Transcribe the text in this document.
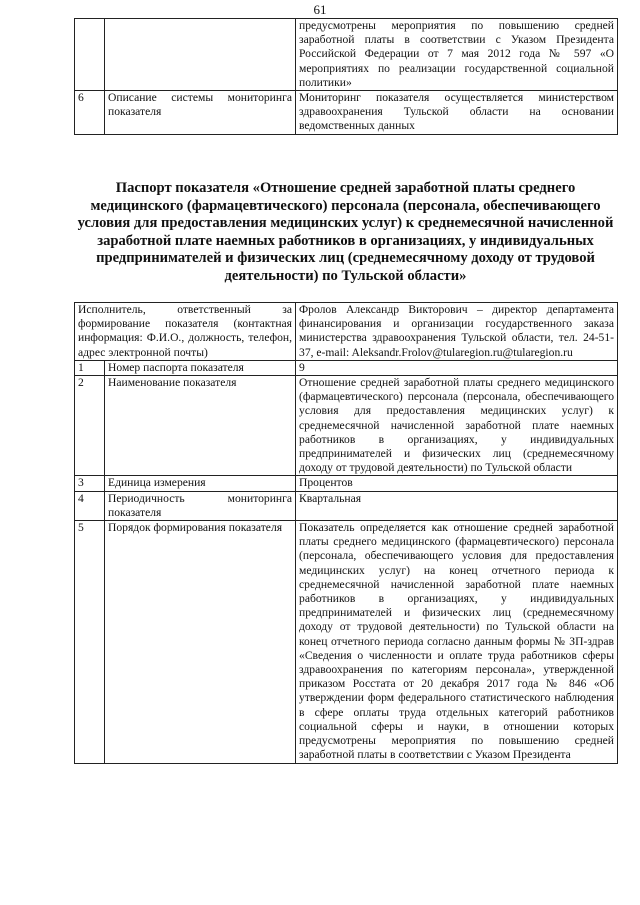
61
		предусмотрены мероприятия по повышению средней заработной платы в соответствии с Указом Президента Российской Федерации от 7 мая 2012 года № 597 «О мероприятиях по реализации государственной социальной политики»
6	Описание системы мониторинга показателя	Мониторинг показателя осуществляется министерством здравоохранения Тульской области на основании ведомственных данных
Паспорт показателя «Отношение средней заработной платы среднего медицинского (фармацевтического) персонала (персонала, обеспечивающего условия для предоставления медицинских услуг) к среднемесячной начисленной заработной плате наемных работников в организациях, у индивидуальных предпринимателей и физических лиц (среднемесячному доходу от трудовой деятельности) по Тульской области»
Исполнитель, ответственный за формирование показателя (контактная информация: Ф.И.О., должность, телефон, адрес электронной почты)		Фролов Александр Викторович – директор департамента финансирования и организации государственного заказа министерства здравоохранения Тульской области, тел. 24-51-37, e-mail: Aleksandr.Frolov@tularegion.ru@tularegion.ru
1	Номер паспорта показателя	9
2	Наименование показателя	Отношение средней заработной платы среднего медицинского (фармацевтического) персонала (персонала, обеспечивающего условия для предоставления медицинских услуг) к среднемесячной начисленной заработной плате наемных работников в организациях, у индивидуальных предпринимателей и физических лиц (среднемесячному доходу от трудовой деятельности) по Тульской области
3	Единица измерения	Процентов
4	Периодичность мониторинга показателя	Квартальная
5	Порядок формирования показателя	Показатель определяется как отношение средней заработной платы среднего медицинского (фармацевтического) персонала (персонала, обеспечивающего условия для предоставления медицинских услуг) на конец отчетного периода к среднемесячной начисленной заработной плате наемных работников в организациях, у индивидуальных предпринимателей и физических лиц (среднемесячному доходу от трудовой деятельности) по Тульской области на конец отчетного периода согласно данным формы № ЗП-здрав «Сведения о численности и оплате труда работников сферы здравоохранения по категориям персонала», утвержденной приказом Росстата от 20 декабря 2017 года № 846 «Об утверждении форм федерального статистического наблюдения в сфере оплаты труда отдельных категорий работников социальной сферы и науки, в отношении которых предусмотрены мероприятия по повышению средней заработной платы в соответствии с Указом Президента
